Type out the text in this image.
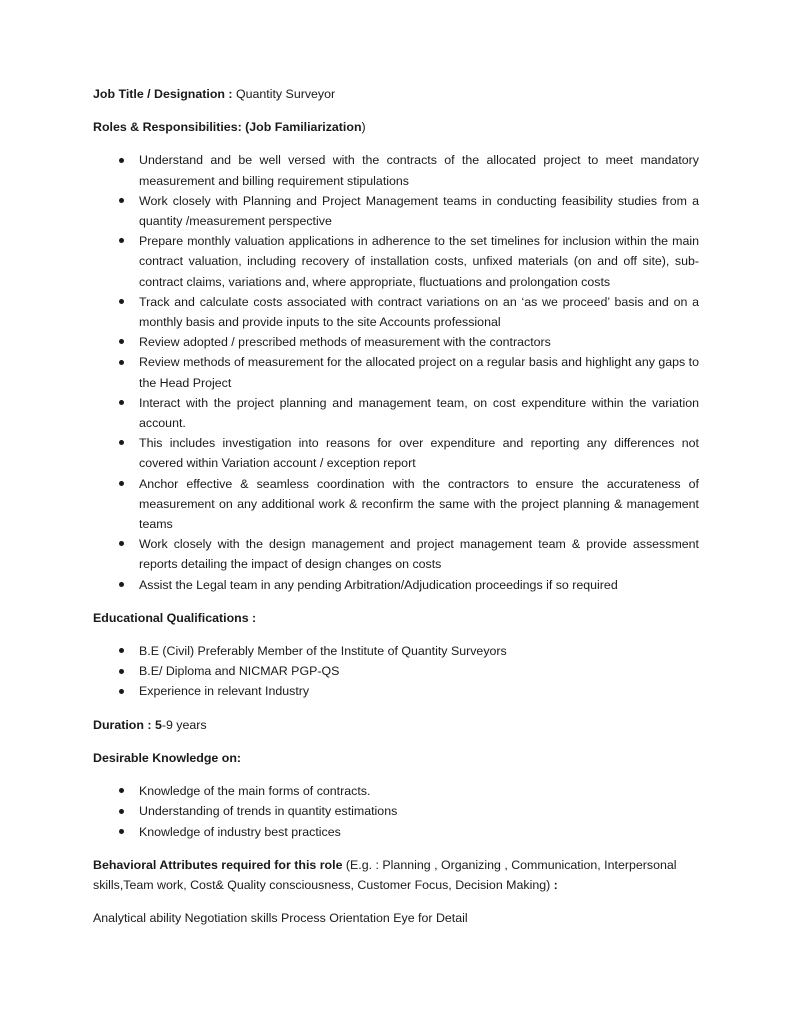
Job Title / Designation : Quantity Surveyor

Roles & Responsibilities: (Job Familiarization)

Understand and be well versed with the contracts of the allocated project to meet mandatory measurement and billing requirement stipulations
Work closely with Planning and Project Management teams in conducting feasibility studies from a quantity /measurement perspective
Prepare monthly valuation applications in adherence to the set timelines for inclusion within the main contract valuation, including recovery of installation costs, unfixed materials (on and off site), sub-contract claims, variations and, where appropriate, fluctuations and prolongation costs
Track and calculate costs associated with contract variations on an ‘as we proceed’ basis and on a monthly basis and provide inputs to the site Accounts professional
Review adopted / prescribed methods of measurement with the contractors
Review methods of measurement for the allocated project on a regular basis and highlight any gaps to the Head Project
Interact with the project planning and management team, on cost expenditure within the variation account.
This includes investigation into reasons for over expenditure and reporting any differences not covered within Variation account / exception report
Anchor effective & seamless coordination with the contractors to ensure the accurateness of measurement on any additional work & reconfirm the same with the project planning & management teams
Work closely with the design management and project management team & provide assessment reports detailing the impact of design changes on costs
Assist the Legal team in any pending Arbitration/Adjudication proceedings if so required

Educational Qualifications :

B.E (Civil) Preferably Member of the Institute of Quantity Surveyors
B.E/ Diploma and NICMAR PGP-QS
Experience in relevant Industry

Duration : 5-9 years

Desirable Knowledge on:

Knowledge of the main forms of contracts.
Understanding of trends in quantity estimations
Knowledge of industry best practices

Behavioral Attributes required for this role (E.g. : Planning , Organizing , Communication, Interpersonal skills,Team work, Cost& Quality consciousness, Customer Focus, Decision Making) :

Analytical ability Negotiation skills Process Orientation Eye for Detail
